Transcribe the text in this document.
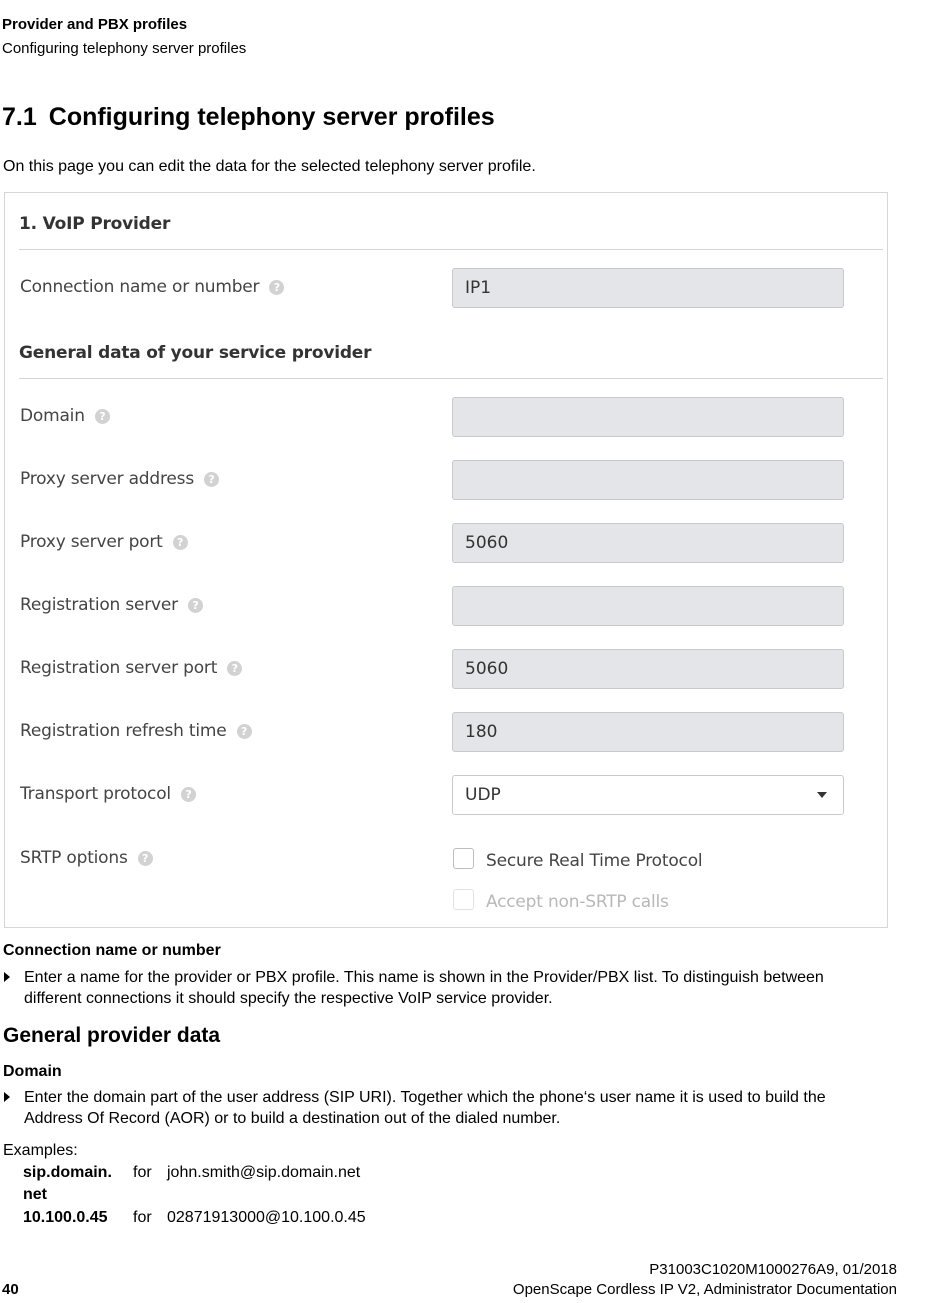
Provider and PBX profiles
Configuring telephony server profiles
7.1 Configuring telephony server profiles
On this page you can edit the data for the selected telephony server profile.
1. VoIP Provider
Connection name or number	?	IP1
General data of your service provider
Domain	?
Proxy server address	?
Proxy server port	?	5060
Registration server	?
Registration server port	?	5060
Registration refresh time	?	180
Transport protocol	?	UDP
SRTP options	?	Secure Real Time Protocol
Accept non-SRTP calls
Connection name or number
Enter a name for the provider or PBX profile. This name is shown in the Provider/PBX list. To distinguish between different connections it should specify the respective VoIP service provider.
General provider data
Domain
Enter the domain part of the user address (SIP URI). Together which the phone‘s user name it is used to build the Address Of Record (AOR) or to build a destination out of the dialed number.
Examples:
sip.domain.
net
for john.smith@sip.domain.net
10.100.0.45 for 02871913000@10.100.0.45
40
P31003C1020M1000276A9, 01/2018
OpenScape Cordless IP V2, Administrator Documentation
